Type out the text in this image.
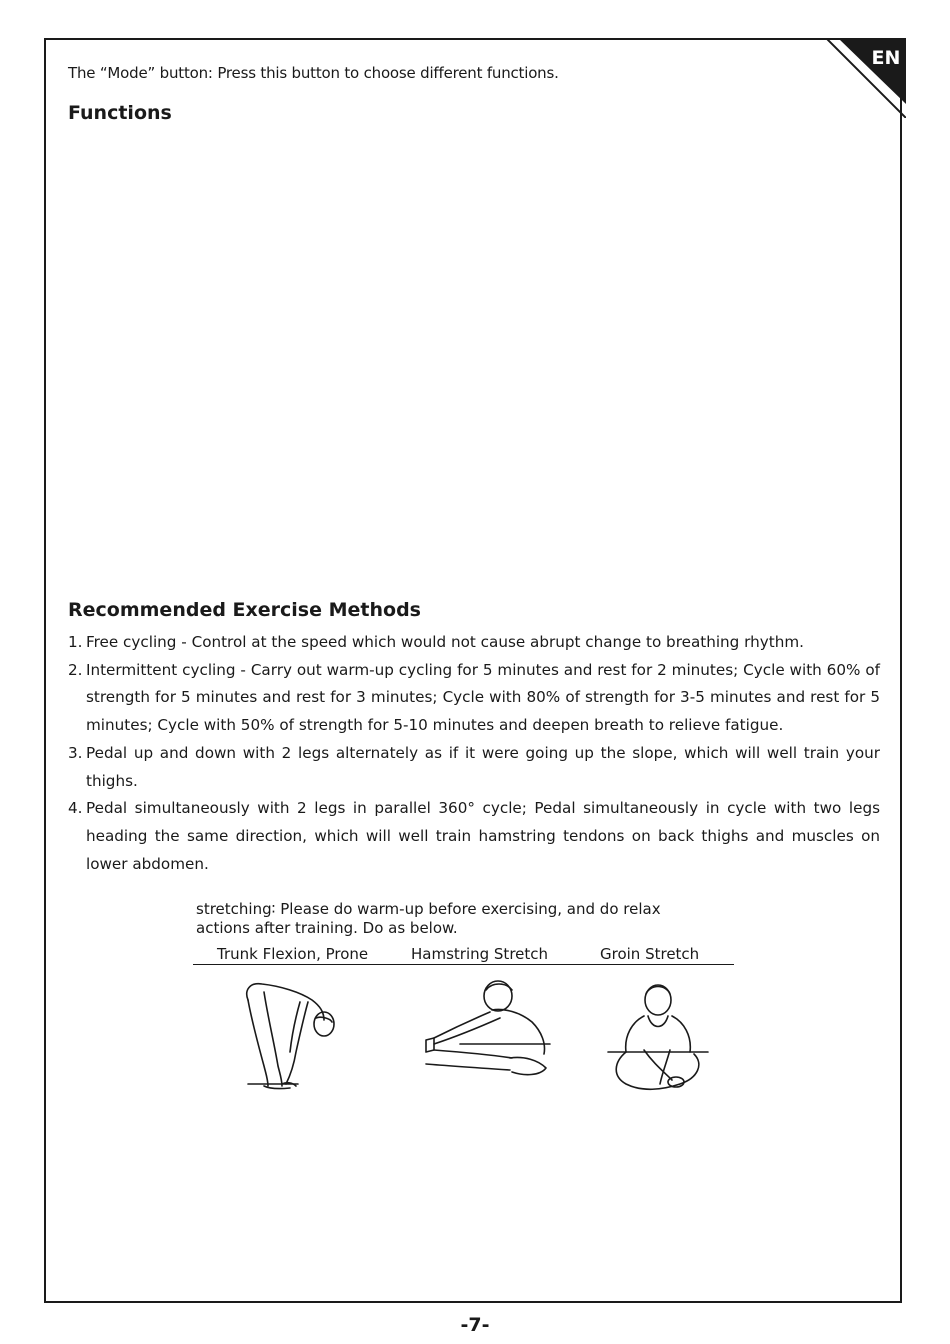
EN
The “Mode” button: Press this button to choose different functions.
Functions
Recommended Exercise Methods
1. Free cycling - Control at the speed which would not cause abrupt change to breathing rhythm.
2. Intermittent cycling - Carry out warm-up cycling for 5 minutes and rest for 2 minutes; Cycle with 60% of strength for 5 minutes and rest for 3 minutes; Cycle with 80% of strength for 3-5 minutes and rest for 5 minutes; Cycle with 50% of strength for 5-10 minutes and deepen breath to relieve fatigue.
3. Pedal up and down with 2 legs alternately as if it were going up the slope, which will well train your thighs.
4. Pedal simultaneously with 2 legs in parallel 360° cycle; Pedal simultaneously in cycle with two legs heading the same direction, which will well train hamstring tendons on back thighs and muscles on lower abdomen.
stretching∶ Please do warm-up before exercising, and do relax
actions after training. Do as below.
Trunk Flexion, Prone	Hamstring Stretch	Groin Stretch
-7-
